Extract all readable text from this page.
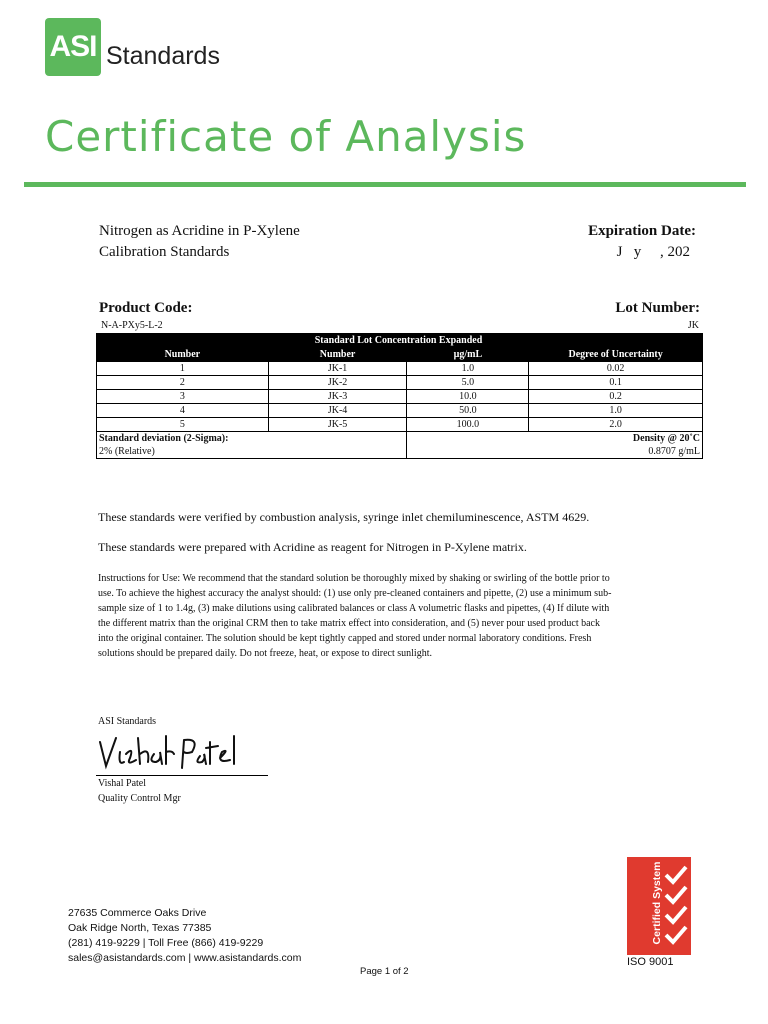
ASI Standards
Certificate of Analysis
Nitrogen as Acridine in P-Xylene
Calibration Standards
Expiration Date:
J   y     , 202
Product Code:
N-A-PXy5-L-2
Lot Number:
JK
Standard Lot Concentration Expanded			
Number	Number	µg/mL	Degree of Uncertainty
1	JK-1	1.0	0.02
2	JK-2	5.0	0.1
3	JK-3	10.0	0.2
4	JK-4	50.0	1.0
5	JK-5	100.0	2.0
Standard deviation (2-Sigma):		Density @ 20˚C	
2% (Relative)		0.8707 g/mL	
These standards were verified by combustion analysis, syringe inlet chemiluminescence, ASTM 4629.
These standards were prepared with Acridine as reagent for Nitrogen in P-Xylene matrix.
Instructions for Use: We recommend that the standard solution be thoroughly mixed by shaking or swirling of the bottle prior to
use. To achieve the highest accuracy the analyst should: (1) use only pre-cleaned containers and pipette, (2) use a minimum sub-
sample size of 1 to 1.4g, (3) make dilutions using calibrated balances or class A volumetric flasks and pipettes, (4) If dilute with
the different matrix than the original CRM then to take matrix effect into consideration, and (5) never pour used product back
into the original container. The solution should be kept tightly capped and stored under normal laboratory conditions. Fresh
solutions should be prepared daily. Do not freeze, heat, or expose to direct sunlight.
ASI Standards
Vishal Patel
Quality Control Mgr
27635 Commerce Oaks Drive
Oak Ridge North, Texas 77385
(281) 419-9229 | Toll Free (866) 419-9229
sales@asistandards.com | www.asistandards.com
Page 1 of 2
Certified System
ISO 9001
